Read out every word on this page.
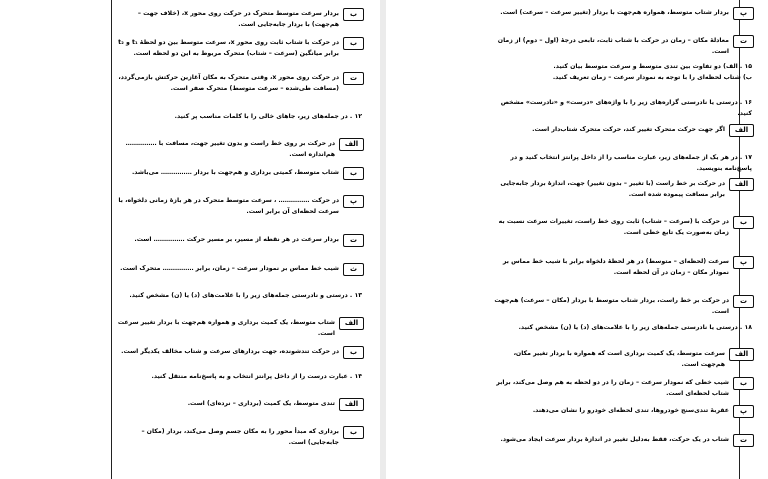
ب
بردار سرعت متوسط متحرک در حرکت روی محور x، (خلاف جهت – هم‌جهت) با بردار جابه‌جایی است.
ب
در حرکت با شتاب ثابت روی محور x، سرعت متوسط بین دو لحظهٔ t₁ و t₂ برابر میانگین (سرعت – شتاب) متحرک مربوط به این دو لحظه است.
ت
در حرکت روی محور x، وقتی متحرک به مکان آغازین حرکتش بازمی‌گردد، (مسافت طی‌شده – سرعت متوسط) متحرک صفر است.
۱۲ . در جمله‌های زیر، جاهای خالی را با کلمات مناسب پر کنید.
الف
در حرکت بر روی خط راست و بدون تغییر جهت، مسافت با …………… هم‌اندازه است.
ب
شتاب متوسط، کمیتی برداری و هم‌جهت با بردار …………… می‌باشد.
پ
در حرکت …………… ، سرعت متوسط متحرک در هر بازهٔ زمانی دلخواه، با سرعت لحظه‌ای آن برابر است.
ت
بردار سرعت در هر نقطه از مسیر، بر مسیر حرکت …………… است.
ث
شیب خط مماس بر نمودار سرعت – زمان، برابر …………… متحرک است.
۱۳ . درستی و نادرستی جمله‌های زیر را با علامت‌های (د) یا (ن) مشخص کنید.
الف
شتاب متوسط، یک کمیت برداری و همواره هم‌جهت با بردار تغییر سرعت است.
ب
در حرکت تندشونده، جهت بردارهای سرعت و شتاب مخالف یکدیگر است.
۱۴ . عبارت درست را از داخل پرانتز انتخاب و به پاسخ‌نامه منتقل کنید.
الف
تندی متوسط، یک کمیت (برداری – نرده‌ای) است.
ب
برداری که مبدأ محور را به مکان جسم وصل می‌کند، بردار (مکان – جابه‌جایی) است.
پ
بردار شتاب متوسط، همواره هم‌جهت با بردار (تغییر سرعت – سرعت) است.
ت
معادلهٔ مکان – زمان در حرکت با شتاب ثابت، تابعی درجهٔ (اول – دوم) از زمان است.
۱۵ . الف) دو تفاوت بین تندی متوسط و سرعت متوسط بیان کنید.
ب) شتاب لحظه‌ای را با توجه به نمودار سرعت – زمان تعریف کنید.
۱۶ . درستی یا نادرستی گزاره‌های زیر را با واژه‌های «درست» و «نادرست» مشخص کنید.
الف
اگر جهت حرکت متحرک تغییر کند، حرکت متحرک شتاب‌دار است.
۱۷ . در هر یک از جمله‌های زیر، عبارت مناسب را از داخل پرانتز انتخاب کنید و در پاسخ‌نامه بنویسید.
الف
در حرکت بر خط راست (با تغییر – بدون تغییر) جهت، اندازهٔ بردار جابه‌جایی برابر مسافت پیموده شده است.
ب
در حرکت با (سرعت – شتاب) ثابت روی خط راست، تغییرات سرعت نسبت به زمان به‌صورت یک تابع خطی است.
پ
سرعت (لحظه‌ای – متوسط) در هر لحظهٔ دلخواه برابر با شیب خط مماس بر نمودار مکان – زمان در آن لحظه است.
ت
در حرکت بر خط راست، بردار شتاب متوسط با بردار (مکان – سرعت) هم‌جهت است.
۱۸ . درستی یا نادرستی جمله‌های زیر را با علامت‌های (د) یا (ن) مشخص کنید.
الف
سرعت متوسط، یک کمیت برداری است که همواره با بردار تغییر مکان، هم‌جهت است.
ب
شیب خطی که نمودار سرعت – زمان را در دو لحظه به هم وصل می‌کند، برابر شتاب لحظه‌ای است.
پ
عقربهٔ تندی‌سنج خودروها، تندی لحظه‌ای خودرو را نشان می‌دهند.
ت
شتاب در یک حرکت، فقط به‌دلیل تغییر در اندازهٔ بردار سرعت ایجاد می‌شود.
